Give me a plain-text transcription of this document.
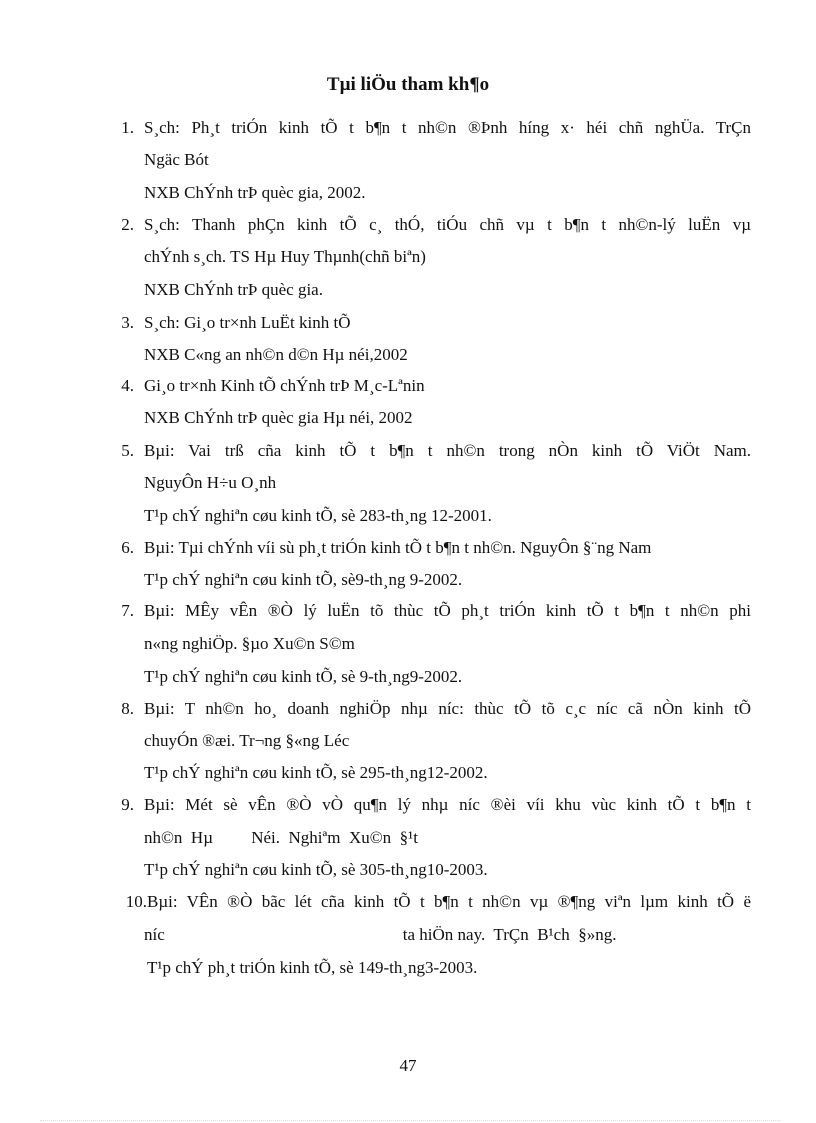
Tµi liÖu tham kh¶o
1. S¸ch: Ph¸t triÓn kinh tÕ t b¶n t nh©n ®Þnh híng x· héi chñ nghÜa. TrÇn
Ngäc Bót
NXB ChÝnh trÞ quèc gia, 2002.
2. S¸ch: Thanh phÇn kinh tÕ c¸ thÓ, tiÓu chñ vµ t b¶n t nh©n-lý luËn vµ
chÝnh s¸ch. TS Hµ Huy Thµnh(chñ biªn)
NXB ChÝnh trÞ quèc gia.
3. S¸ch: Gi¸o tr×nh LuËt kinh tÕ
NXB C«ng an nh©n d©n Hµ néi,2002
4. Gi¸o tr×nh Kinh tÕ chÝnh trÞ M¸c-Lªnin
NXB ChÝnh trÞ quèc gia Hµ néi, 2002
5. Bµi: Vai trß cña kinh tÕ t b¶n t nh©n trong nÒn kinh tÕ ViÖt Nam.
NguyÔn H÷u O¸nh
T¹p chÝ nghiªn cøu kinh tÕ, sè 283-th¸ng 12-2001.
6. Bµi: Tµi chÝnh víi sù ph¸t triÓn kinh tÕ t b¶n t nh©n. NguyÔn §¨ng Nam
T¹p chÝ nghiªn cøu kinh tÕ, sè9-th¸ng 9-2002.
7. Bµi: MÊy vÊn ®Ò lý luËn tõ thùc tÕ ph¸t triÓn kinh tÕ t b¶n t nh©n phi
n«ng nghiÖp. §µo Xu©n S©m
T¹p chÝ nghiªn cøu kinh tÕ, sè 9-th¸ng9-2002.
8. Bµi: T nh©n ho¸ doanh nghiÖp nhµ níc: thùc tÕ tõ c¸c níc cã nÒn kinh tÕ
chuyÓn ®æi. Tr¬ng §«ng Léc
T¹p chÝ nghiªn cøu kinh tÕ, sè 295-th¸ng12-2002.
9. Bµi: Mét sè vÊn ®Ò vÒ qu¶n lý nhµ níc ®èi víi khu vùc kinh tÕ t b¶n t
nh©n  Hµ         Néi.  Nghiªm  Xu©n  §¹t
T¹p chÝ nghiªn cøu kinh tÕ, sè 305-th¸ng10-2003.
10. Bµi: VÊn ®Ò bãc lét cña kinh tÕ t b¶n t nh©n vµ ®¶ng viªn lµm kinh tÕ ë
níc                                                        ta hiÖn nay.  TrÇn  B¹ch  §»ng.
T¹p chÝ ph¸t triÓn kinh tÕ, sè 149-th¸ng3-2003.
47
